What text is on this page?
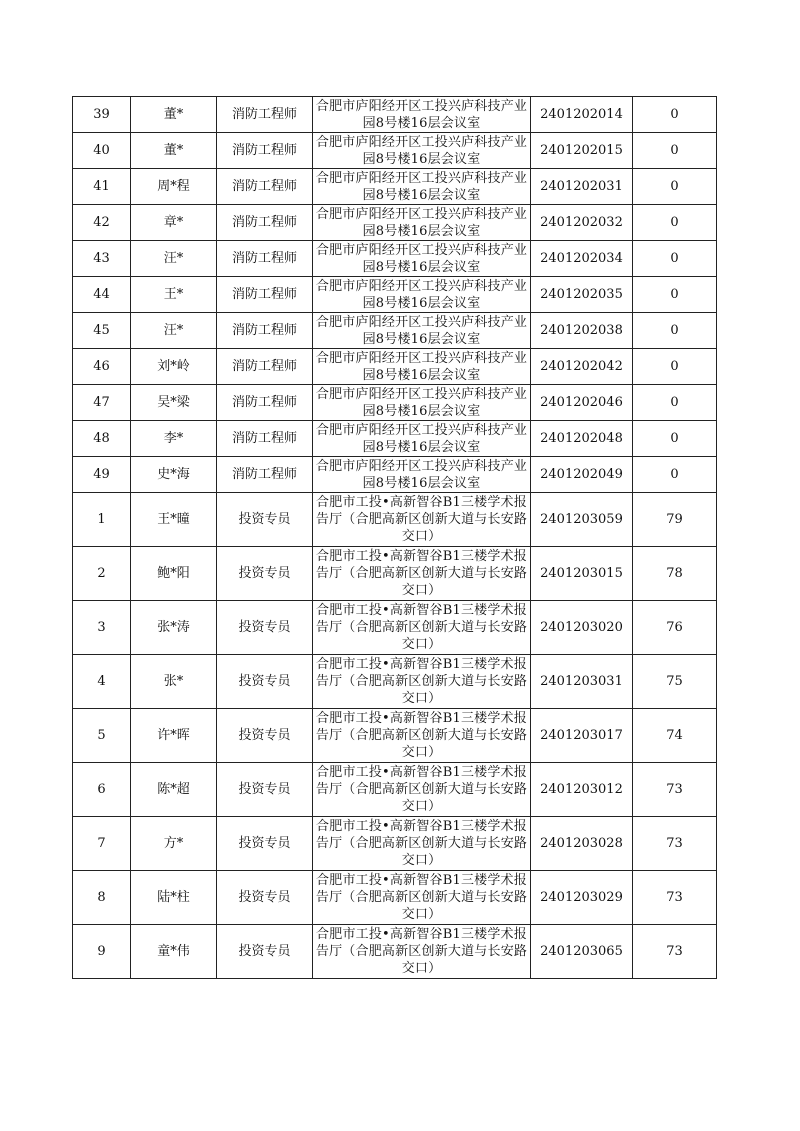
39	董*	消防工程师	合肥市庐阳经开区工投兴庐科技产业园8号楼16层会议室	2401202014	0
40	董*	消防工程师	合肥市庐阳经开区工投兴庐科技产业园8号楼16层会议室	2401202015	0
41	周*程	消防工程师	合肥市庐阳经开区工投兴庐科技产业园8号楼16层会议室	2401202031	0
42	章*	消防工程师	合肥市庐阳经开区工投兴庐科技产业园8号楼16层会议室	2401202032	0
43	汪*	消防工程师	合肥市庐阳经开区工投兴庐科技产业园8号楼16层会议室	2401202034	0
44	王*	消防工程师	合肥市庐阳经开区工投兴庐科技产业园8号楼16层会议室	2401202035	0
45	汪*	消防工程师	合肥市庐阳经开区工投兴庐科技产业园8号楼16层会议室	2401202038	0
46	刘*岭	消防工程师	合肥市庐阳经开区工投兴庐科技产业园8号楼16层会议室	2401202042	0
47	吴*梁	消防工程师	合肥市庐阳经开区工投兴庐科技产业园8号楼16层会议室	2401202046	0
48	李*	消防工程师	合肥市庐阳经开区工投兴庐科技产业园8号楼16层会议室	2401202048	0
49	史*海	消防工程师	合肥市庐阳经开区工投兴庐科技产业园8号楼16层会议室	2401202049	0
1	王*曈	投资专员	合肥市工投•高新智谷B1三楼学术报告厅（合肥高新区创新大道与长安路交口）	2401203059	79
2	鲍*阳	投资专员	合肥市工投•高新智谷B1三楼学术报告厅（合肥高新区创新大道与长安路交口）	2401203015	78
3	张*涛	投资专员	合肥市工投•高新智谷B1三楼学术报告厅（合肥高新区创新大道与长安路交口）	2401203020	76
4	张*	投资专员	合肥市工投•高新智谷B1三楼学术报告厅（合肥高新区创新大道与长安路交口）	2401203031	75
5	许*晖	投资专员	合肥市工投•高新智谷B1三楼学术报告厅（合肥高新区创新大道与长安路交口）	2401203017	74
6	陈*超	投资专员	合肥市工投•高新智谷B1三楼学术报告厅（合肥高新区创新大道与长安路交口）	2401203012	73
7	方*	投资专员	合肥市工投•高新智谷B1三楼学术报告厅（合肥高新区创新大道与长安路交口）	2401203028	73
8	陆*柱	投资专员	合肥市工投•高新智谷B1三楼学术报告厅（合肥高新区创新大道与长安路交口）	2401203029	73
9	童*伟	投资专员	合肥市工投•高新智谷B1三楼学术报告厅（合肥高新区创新大道与长安路交口）	2401203065	73
